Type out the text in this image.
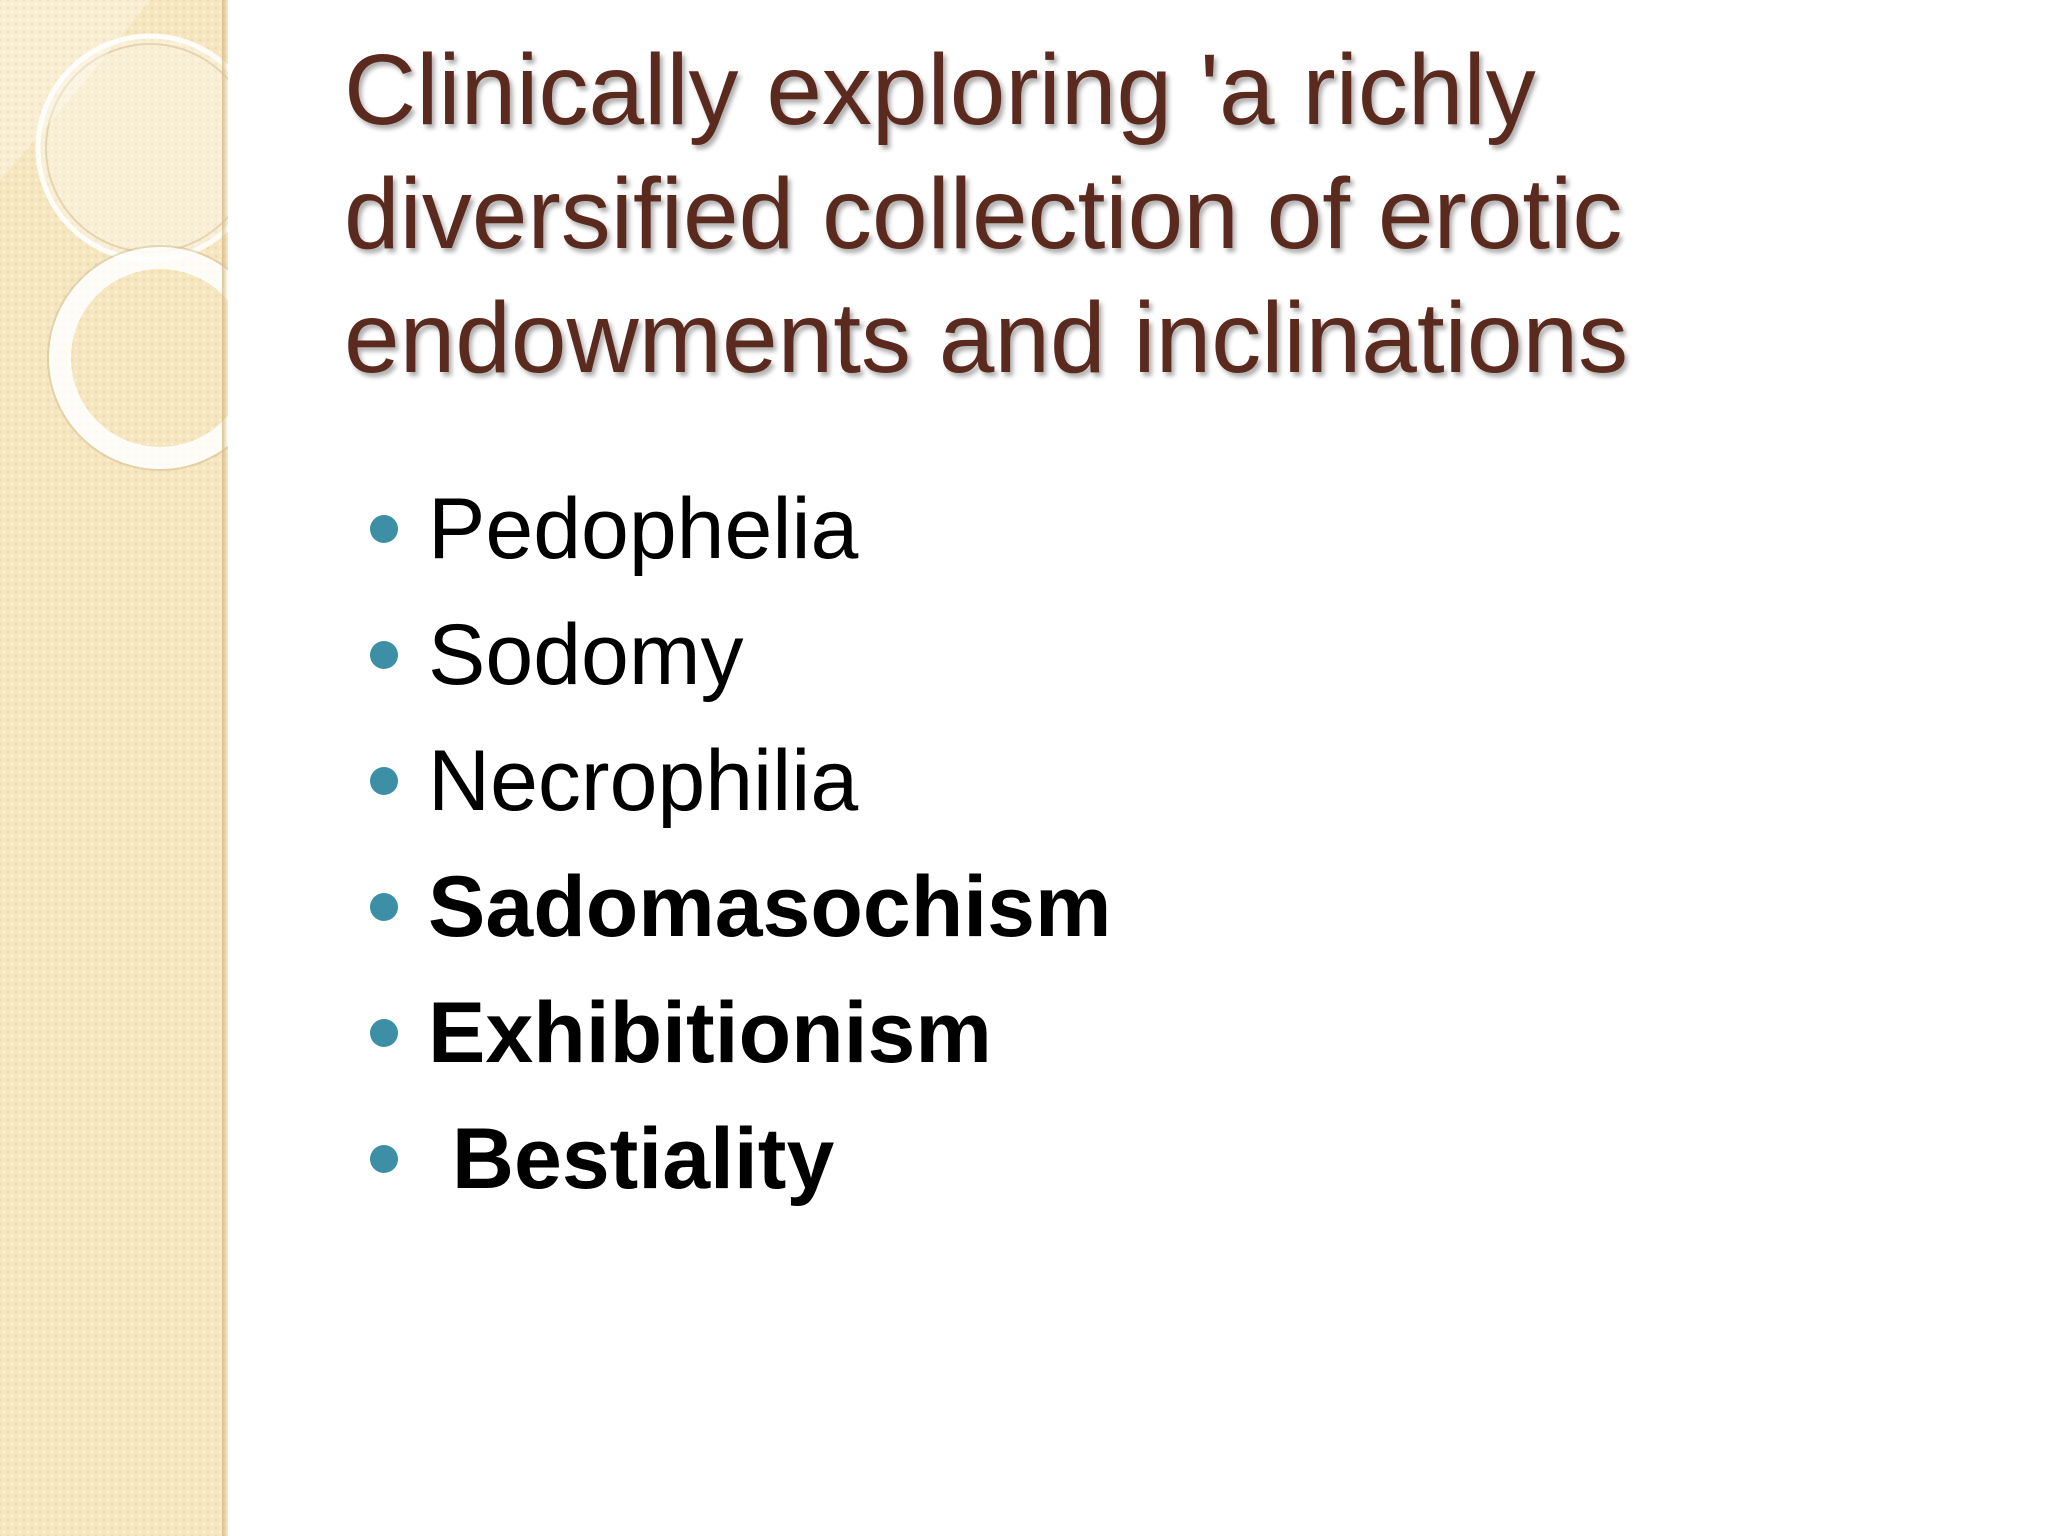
Clinically exploring 'a richly diversified collection of erotic endowments and inclinations
Pedophelia
Sodomy
Necrophilia
Sadomasochism
Exhibitionism
Bestiality
